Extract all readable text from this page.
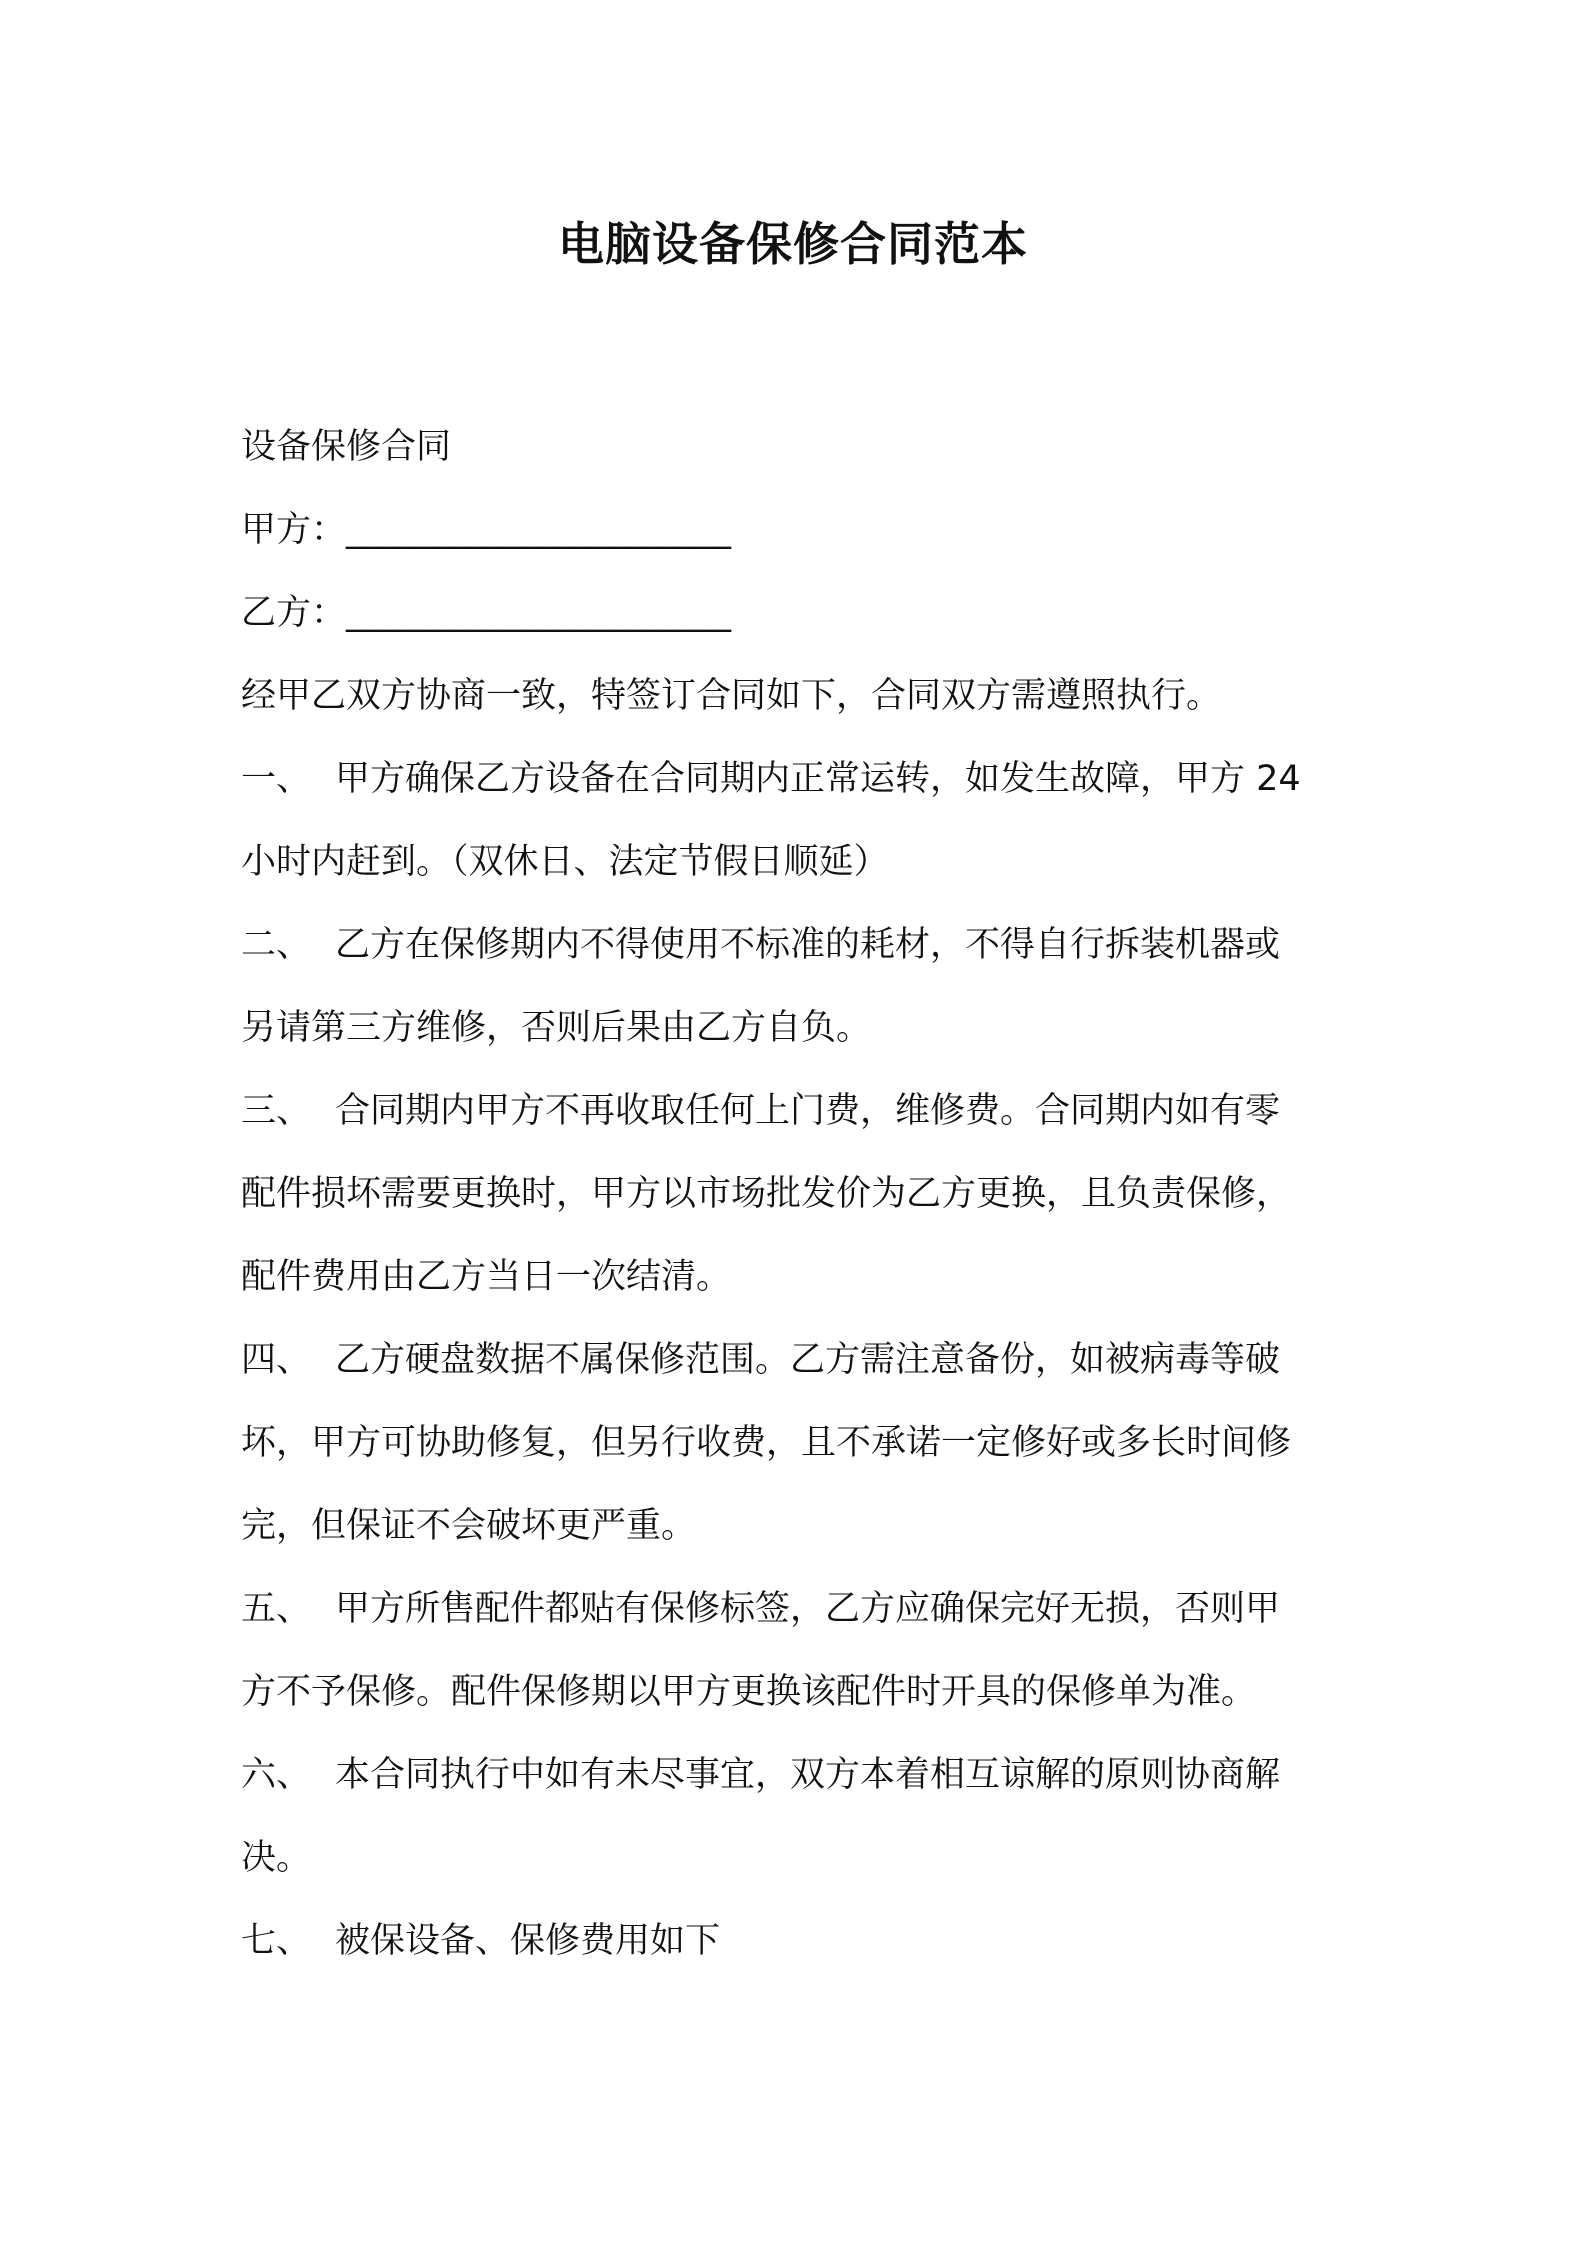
电脑设备保修合同范本
设备保修合同
甲方：______________________
乙方：______________________
经甲乙双方协商一致，特签订合同如下，合同双方需遵照执行。
一、 甲方确保乙方设备在合同期内正常运转，如发生故障，甲方 24
小时内赶到。（双休日、法定节假日顺延）
二、 乙方在保修期内不得使用不标准的耗材，不得自行拆装机器或
另请第三方维修，否则后果由乙方自负。
三、 合同期内甲方不再收取任何上门费，维修费。合同期内如有零
配件损坏需要更换时，甲方以市场批发价为乙方更换，且负责保修，
配件费用由乙方当日一次结清。
四、 乙方硬盘数据不属保修范围。乙方需注意备份，如被病毒等破
坏，甲方可协助修复，但另行收费，且不承诺一定修好或多长时间修
完，但保证不会破坏更严重。
五、 甲方所售配件都贴有保修标签，乙方应确保完好无损，否则甲
方不予保修。配件保修期以甲方更换该配件时开具的保修单为准。
六、 本合同执行中如有未尽事宜，双方本着相互谅解的原则协商解
决。
七、 被保设备、保修费用如下
